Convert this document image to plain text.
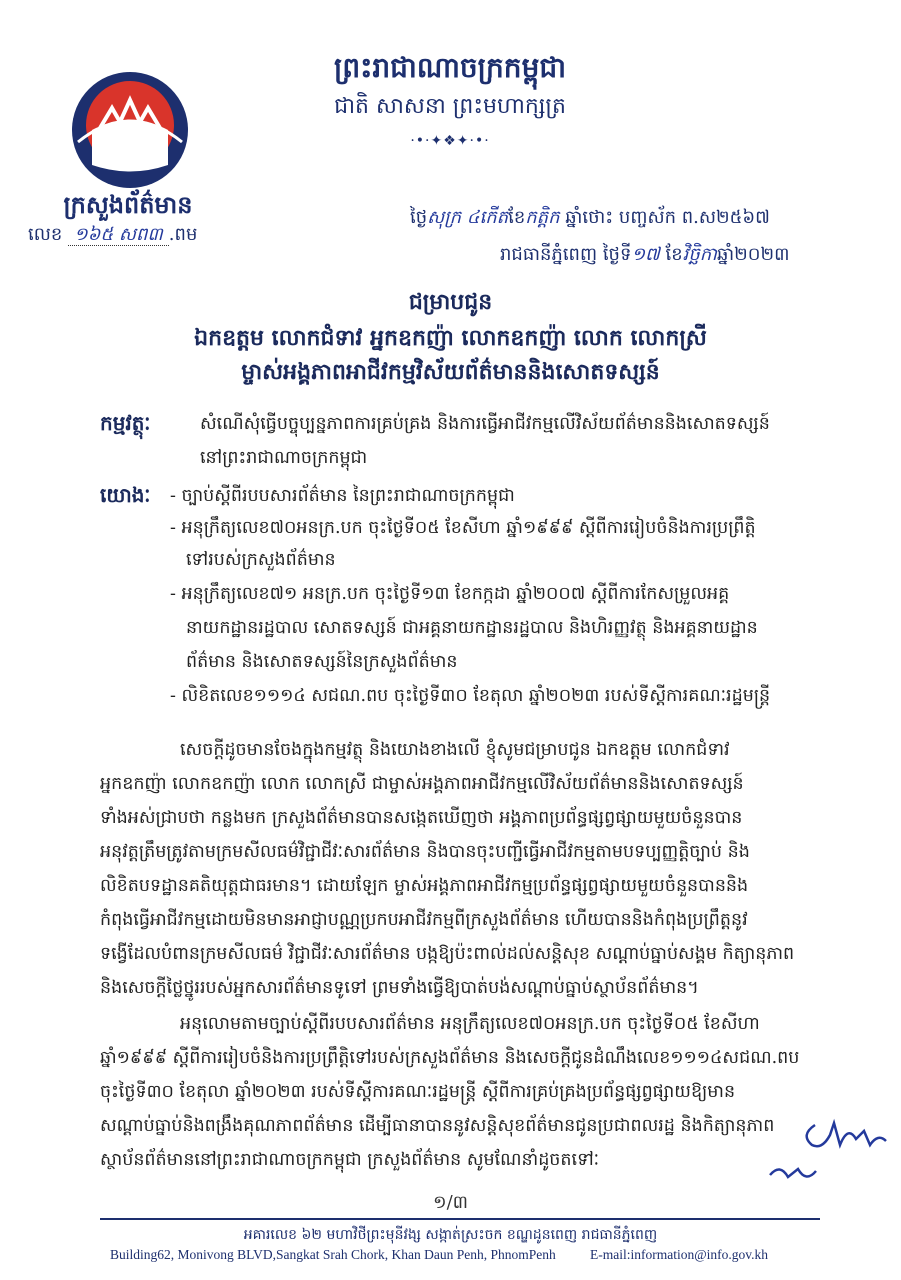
ព្រះរាជាណាចក្រកម្ពុជា
ជាតិ សាសនា ព្រះមហាក្សត្រ
·•·✦❖✦·•·
ក្រសួងព័ត៌មាន
លេខ ១៦៥ សព៣ .ពម
ថ្ងៃសុក្រ ៤កើតខែកត្ដិក ឆ្នាំថោះ បញ្ចស័ក ព.ស២៥៦៧
រាជធានីភ្នំពេញ ថ្ងៃទី១៧ ខែវិច្ឆិកាឆ្នាំ២០២៣
ជម្រាបជូន
ឯកឧត្ដម លោកជំទាវ អ្នកឧកញ៉ា លោកឧកញ៉ា លោក លោកស្រី
ម្ចាស់អង្គភាពអាជីវកម្មវិស័យព័ត៌មាននិងសោតទស្សន៍
កម្មវត្ថុៈ	សំណើសុំធ្វើបច្ចុប្បន្នភាពការគ្រប់គ្រង និងការធ្វើអាជីវកម្មលើវិស័យព័ត៌មាននិងសោតទស្សន៍
នៅព្រះរាជាណាចក្រកម្ពុជា
យោងៈ - ច្បាប់ស្ដីពីរបបសារព័ត៌មាន នៃព្រះរាជាណាចក្រកម្ពុជា
- អនុក្រឹត្យលេខ៧០អនក្រ.បក ចុះថ្ងៃទី០៥ ខែសីហា ឆ្នាំ១៩៩៩ ស្ដីពីការរៀបចំនិងការប្រព្រឹត្ដិ
ទៅរបស់ក្រសួងព័ត៌មាន
- អនុក្រឹត្យលេខ៧១ អនក្រ.បក ចុះថ្ងៃទី១៣ ខែកក្កដា ឆ្នាំ២០០៧ ស្ដីពីការកែសម្រួលអគ្គ
នាយកដ្ឋានរដ្ឋបាល សោតទស្សន៍ ជាអគ្គនាយកដ្ឋានរដ្ឋបាល និងហិរញ្ញវត្ថុ និងអគ្គនាយដ្ឋាន
ព័ត៌មាន និងសោតទស្សន៍នៃក្រសួងព័ត៌មាន
- លិខិតលេខ១១១៤ សជណ.ពប ចុះថ្ងៃទី៣០ ខែតុលា ឆ្នាំ២០២៣ របស់ទីស្ដីការគណៈរដ្ឋមន្ដ្រី
សេចក្ដីដូចមានចែងក្នុងកម្មវត្ថុ និងយោងខាងលើ ខ្ញុំសូមជម្រាបជូន ឯកឧត្ដម លោកជំទាវ
អ្នកឧកញ៉ា លោកឧកញ៉ា លោក លោកស្រី ជាម្ចាស់អង្គភាពអាជីវកម្មលើវិស័យព័ត៌មាននិងសោតទស្សន៍
ទាំងអស់ជ្រាបថា កន្លងមក ក្រសួងព័ត៌មានបានសង្កេតឃើញថា អង្គភាពប្រព័ន្ធផ្សព្វផ្សាយមួយចំនួនបាន
អនុវត្តត្រឹមត្រូវតាមក្រមសីលធម៌វិជ្ជាជីវៈសារព័ត៌មាន និងបានចុះបញ្ជីធ្វើអាជីវកម្មតាមបទប្បញ្ញត្ដិច្បាប់ និង
លិខិតបទដ្ឋានគតិយុត្ដជាធរមាន។ ដោយឡែក ម្ចាស់អង្គភាពអាជីវកម្មប្រព័ន្ធផ្សព្វផ្សាយមួយចំនួនបាននិង
កំពុងធ្វើអាជីវកម្មដោយមិនមានអាជ្ញាបណ្ណប្រកបអាជីវកម្មពីក្រសួងព័ត៌មាន ហើយបាននិងកំពុងប្រព្រឹត្ដនូវ
ទង្វើដែលបំពានក្រមសីលធម៌ វិជ្ជាជីវៈសារព័ត៌មាន បង្កឱ្យប៉ះពាល់ដល់សន្ដិសុខ សណ្ដាប់ធ្នាប់សង្គម កិត្យានុភាព
និងសេចក្ដីថ្លៃថ្នូររបស់អ្នកសារព័ត៌មានទូទៅ ព្រមទាំងធ្វើឱ្យបាត់បង់សណ្ដាប់ធ្នាប់ស្ថាប័នព័ត៌មាន។
អនុលោមតាមច្បាប់ស្ដីពីរបបសារព័ត៌មាន អនុក្រឹត្យលេខ៧០អនក្រ.បក ចុះថ្ងៃទី០៥ ខែសីហា
ឆ្នាំ១៩៩៩ ស្ដីពីការរៀបចំនិងការប្រព្រឹត្ដិទៅរបស់ក្រសួងព័ត៌មាន និងសេចក្ដីជូនដំណឹងលេខ១១១៤សជណ.ពប
ចុះថ្ងៃទី៣០ ខែតុលា ឆ្នាំ២០២៣ របស់ទីស្ដីការគណៈរដ្ឋមន្ដ្រី ស្ដីពីការគ្រប់គ្រងប្រព័ន្ធផ្សព្វផ្សាយឱ្យមាន
សណ្ដាប់ធ្នាប់និងពង្រឹងគុណភាពព័ត៌មាន ដើម្បីធានាបាននូវសន្ដិសុខព័ត៌មានជូនប្រជាពលរដ្ឋ និងកិត្យានុភាព
ស្ថាប័នព័ត៌មាននៅព្រះរាជាណាចក្រកម្ពុជា ក្រសួងព័ត៌មាន សូមណែនាំដូចតទៅៈ
១/៣
អគារលេខ ៦២ មហាវិថីព្រះមុនីវង្ស សង្កាត់ស្រះចក ខណ្ឌដូនពេញ រាជធានីភ្នំពេញ
Building62, Monivong BLVD,Sangkat Srah Chork, Khan Daun Penh, PhnomPenh	E-mail:information@info.gov.kh
